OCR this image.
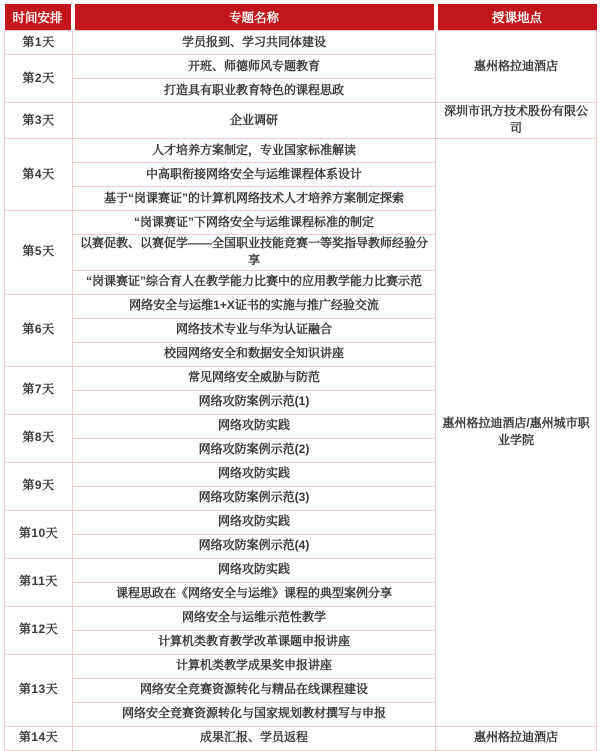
时间安排	专题名称	授课地点
第1天	学员报到、学习共同体建设	惠州格拉迪酒店
第2天	开班、师德师风专题教育	
	打造具有职业教育特色的课程思政	
第3天	企业调研	深圳市讯方技术股份有限公司
第4天	人才培养方案制定，专业国家标准解读	惠州格拉迪酒店/惠州城市职业学院
	中高职衔接网络安全与运维课程体系设计	
	基于“岗课赛证”的计算机网络技术人才培养方案制定探索	
第5天	“岗课赛证”下网络安全与运维课程标准的制定	
	以赛促教、以赛促学——全国职业技能竞赛一等奖指导教师经验分享	
	“岗课赛证”综合育人在教学能力比赛中的应用教学能力比赛示范	
第6天	网络安全与运维1+X证书的实施与推广经验交流	
	网络技术专业与华为认证融合	
	校园网络安全和数据安全知识讲座	
第7天	常见网络安全威胁与防范	
	网络攻防案例示范(1)	
第8天	网络攻防实践	
	网络攻防案例示范(2)	
第9天	网络攻防实践	
	网络攻防案例示范(3)	
第10天	网络攻防实践	
	网络攻防案例示范(4)	
第11天	网络攻防实践	
	课程思政在《网络安全与运维》课程的典型案例分享	
第12天	网络安全与运维示范性教学	
	计算机类教育教学改革课题申报讲座	
第13天	计算机类教学成果奖申报讲座	
	网络安全竞赛资源转化与精品在线课程建设	
	网络安全竞赛资源转化与国家规划教材撰写与申报	
第14天	成果汇报、学员返程	惠州格拉迪酒店
